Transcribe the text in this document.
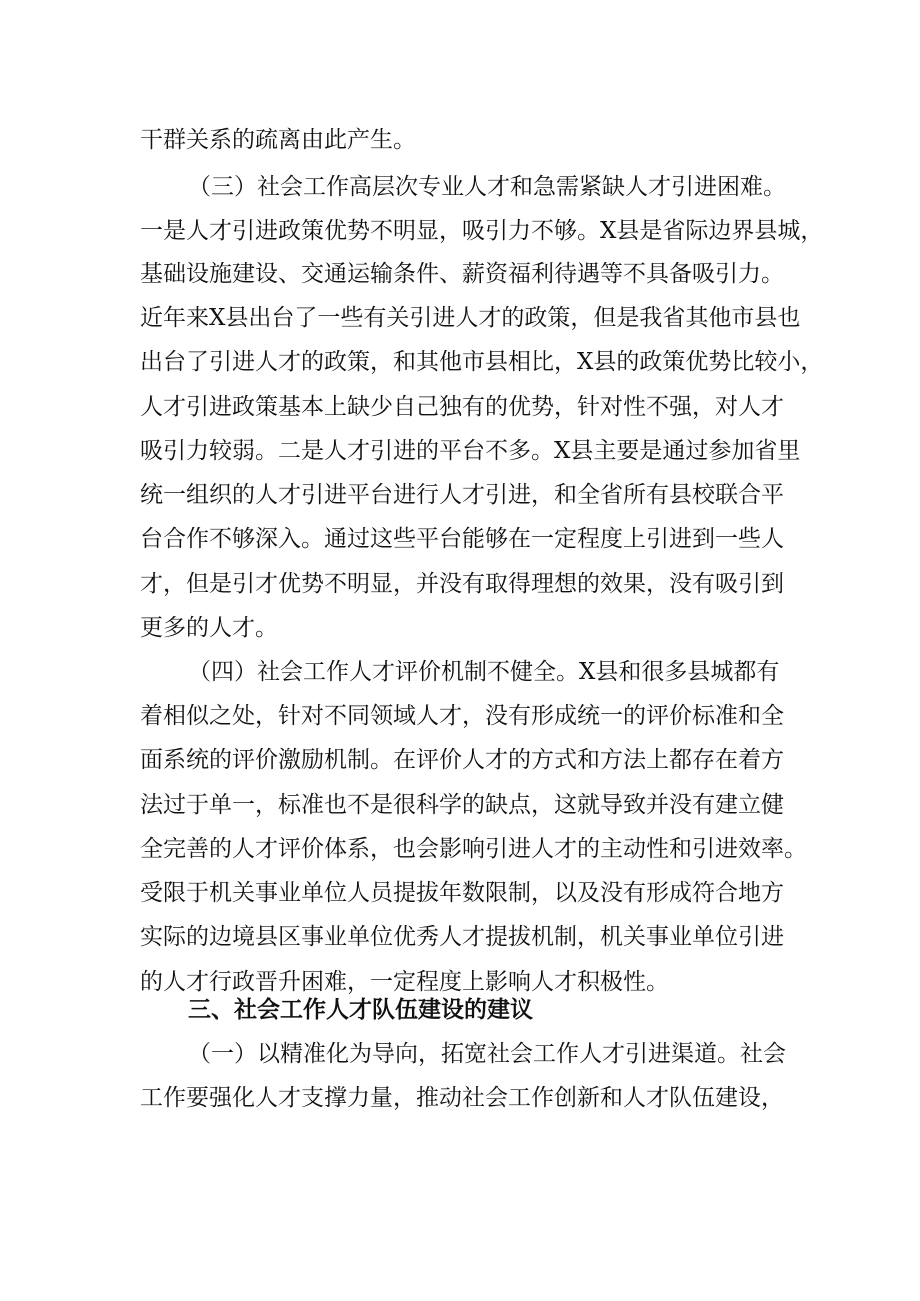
干群关系的疏离由此产生。
（三）社会工作高层次专业人才和急需紧缺人才引进困难。
一是人才引进政策优势不明显，吸引力不够。X县是省际边界县城，
基础设施建设、交通运输条件、薪资福利待遇等不具备吸引力。
近年来X县出台了一些有关引进人才的政策，但是我省其他市县也
出台了引进人才的政策，和其他市县相比，X县的政策优势比较小，
人才引进政策基本上缺少自己独有的优势，针对性不强，对人才
吸引力较弱。二是人才引进的平台不多。X县主要是通过参加省里
统一组织的人才引进平台进行人才引进，和全省所有县校联合平
台合作不够深入。通过这些平台能够在一定程度上引进到一些人
才，但是引才优势不明显，并没有取得理想的效果，没有吸引到
更多的人才。
（四）社会工作人才评价机制不健全。X县和很多县城都有
着相似之处，针对不同领域人才，没有形成统一的评价标准和全
面系统的评价激励机制。在评价人才的方式和方法上都存在着方
法过于单一，标准也不是很科学的缺点，这就导致并没有建立健
全完善的人才评价体系，也会影响引进人才的主动性和引进效率。
受限于机关事业单位人员提拔年数限制，以及没有形成符合地方
实际的边境县区事业单位优秀人才提拔机制，机关事业单位引进
的人才行政晋升困难，一定程度上影响人才积极性。
三、社会工作人才队伍建设的建议
（一）以精准化为导向，拓宽社会工作人才引进渠道。社会
工作要强化人才支撑力量，推动社会工作创新和人才队伍建设，
